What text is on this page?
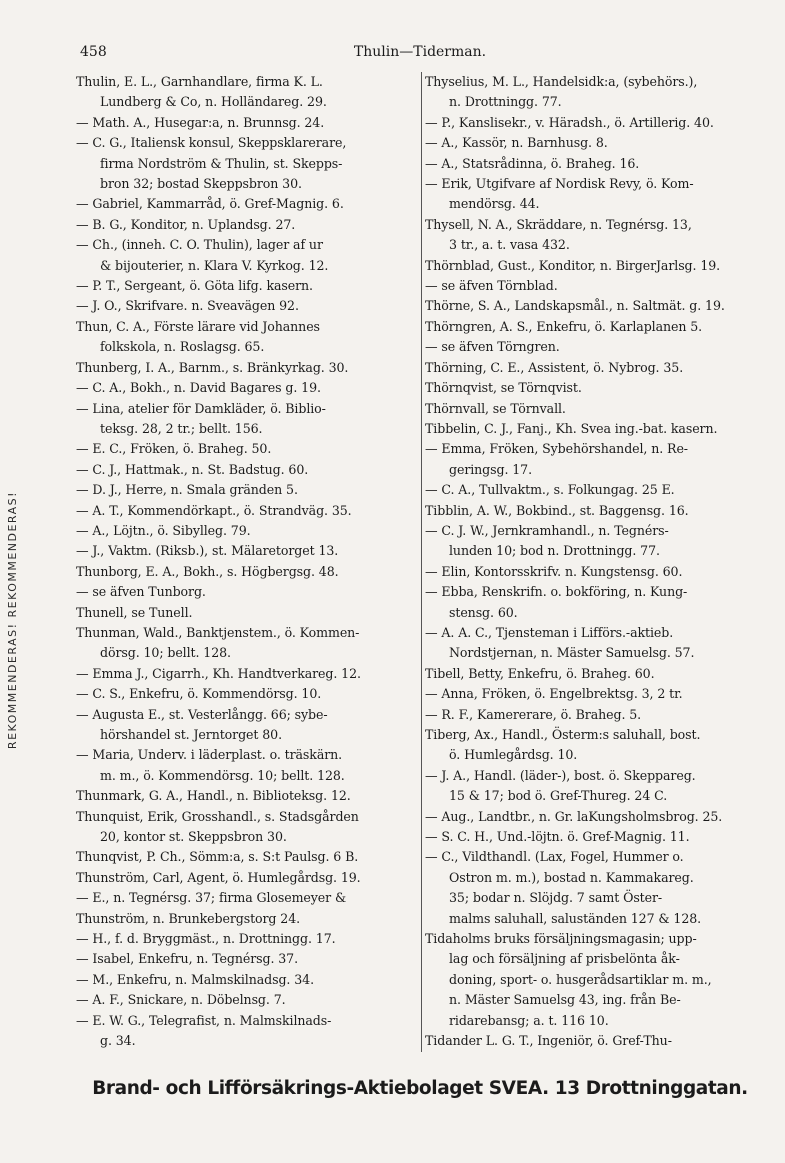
458	Thulin—Tiderman.
REKOMMENDERAS! REKOMMENDERAS!
Thulin, E. L., Garnhandlare, firma K. L.
Lundberg & Co, n. Holländareg. 29.
— Math. A., Husegar:a, n. Brunnsg. 24.
— C. G., Italiensk konsul, Skeppsklarerare,
firma Nordström & Thulin, st. Skepps-
bron 32; bostad Skeppsbron 30.
— Gabriel, Kammarråd, ö. Gref-Magnig. 6.
— B. G., Konditor, n. Uplandsg. 27.
— Ch., (inneh. C. O. Thulin), lager af ur
& bijouterier, n. Klara V. Kyrkog. 12.
— P. T., Sergeant, ö. Göta lifg. kasern.
— J. O., Skrifvare. n. Sveavägen 92.
Thun, C. A., Förste lärare vid Johannes
folkskola, n. Roslagsg. 65.
Thunberg, I. A., Barnm., s. Bränkyrkag. 30.
— C. A., Bokh., n. David Bagares g. 19.
— Lina, atelier för Damkläder, ö. Biblio-
teksg. 28, 2 tr.; bellt. 156.
— E. C., Fröken, ö. Braheg. 50.
— C. J., Hattmak., n. St. Badstug. 60.
— D. J., Herre, n. Smala gränden 5.
— A. T., Kommendörkapt., ö. Strandväg. 35.
— A., Löjtn., ö. Sibylleg. 79.
— J., Vaktm. (Riksb.), st. Mälaretorget 13.
Thunborg, E. A., Bokh., s. Högbergsg. 48.
— se äfven Tunborg.
Thunell, se Tunell.
Thunman, Wald., Banktjenstem., ö. Kommen-
dörsg. 10; bellt. 128.
— Emma J., Cigarrh., Kh. Handtverkareg. 12.
— C. S., Enkefru, ö. Kommendörsg. 10.
— Augusta E., st. Vesterlångg. 66; sybe-
hörshandel st. Jerntorget 80.
— Maria, Underv. i läderplast. o. träskärn.
m. m., ö. Kommendörsg. 10; bellt. 128.
Thunmark, G. A., Handl., n. Biblioteksg. 12.
Thunquist, Erik, Grosshandl., s. Stadsgården
20, kontor st. Skeppsbron 30.
Thunqvist, P. Ch., Sömm:a, s. S:t Paulsg. 6 B.
Thunström, Carl, Agent, ö. Humlegårdsg. 19.
— E., n. Tegnérsg. 37; firma Glosemeyer &
Thunström, n. Brunkebergstorg 24.
— H., f. d. Bryggmäst., n. Drottningg. 17.
— Isabel, Enkefru, n. Tegnérsg. 37.
— M., Enkefru, n. Malmskilnadsg. 34.
— A. F., Snickare, n. Döbelnsg. 7.
— E. W. G., Telegrafist, n. Malmskilnads-
g. 34.
Thyselius, M. L., Handelsidk:a, (sybehörs.),
n. Drottningg. 77.
— P., Kanslisekr., v. Häradsh., ö. Artillerig. 40.
— A., Kassör, n. Barnhusg. 8.
— A., Statsrådinna, ö. Braheg. 16.
— Erik, Utgifvare af Nordisk Revy, ö. Kom-
mendörsg. 44.
Thysell, N. A., Skräddare, n. Tegnérsg. 13,
3 tr., a. t. vasa 432.
Thörnblad, Gust., Konditor, n. BirgerJarlsg. 19.
— se äfven Törnblad.
Thörne, S. A., Landskapsmål., n. Saltmät. g. 19.
Thörngren, A. S., Enkefru, ö. Karlaplanen 5.
— se äfven Törngren.
Thörning, C. E., Assistent, ö. Nybrog. 35.
Thörnqvist, se Törnqvist.
Thörnvall, se Törnvall.
Tibbelin, C. J., Fanj., Kh. Svea ing.-bat. kasern.
— Emma, Fröken, Sybehörshandel, n. Re-
geringsg. 17.
— C. A., Tullvaktm., s. Folkungag. 25 E.
Tibblin, A. W., Bokbind., st. Baggensg. 16.
— C. J. W., Jernkramhandl., n. Tegnérs-
lunden 10; bod n. Drottningg. 77.
— Elin, Kontorsskrifv. n. Kungstensg. 60.
— Ebba, Renskrifn. o. bokföring, n. Kung-
stensg. 60.
— A. A. C., Tjensteman i Lifförs.-aktieb.
Nordstjernan, n. Mäster Samuelsg. 57.
Tibell, Betty, Enkefru, ö. Braheg. 60.
— Anna, Fröken, ö. Engelbrektsg. 3, 2 tr.
— R. F., Kamererare, ö. Braheg. 5.
Tiberg, Ax., Handl., Österm:s saluhall, bost.
ö. Humlegårdsg. 10.
— J. A., Handl. (läder-), bost. ö. Skeppareg.
15 & 17; bod ö. Gref-Thureg. 24 C.
— Aug., Landtbr., n. Gr. laKungsholmsbrog. 25.
— S. C. H., Und.-löjtn. ö. Gref-Magnig. 11.
— C., Vildthandl. (Lax, Fogel, Hummer o.
Ostron m. m.), bostad n. Kammakareg.
35; bodar n. Slöjdg. 7 samt Öster-
malms saluhall, saluständen 127 & 128.
Tidaholms bruks försäljningsmagasin; upp-
lag och försäljning af prisbelönta åk-
doning, sport- o. husgerådsartiklar m. m.,
n. Mäster Samuelsg 43, ing. från Be-
ridarebansg; a. t. 116 10.
Tidander L. G. T., Ingeniör, ö. Gref-Thu-
Brand- och Lifförsäkrings-Aktiebolaget SVEA. 13 Drottninggatan.
